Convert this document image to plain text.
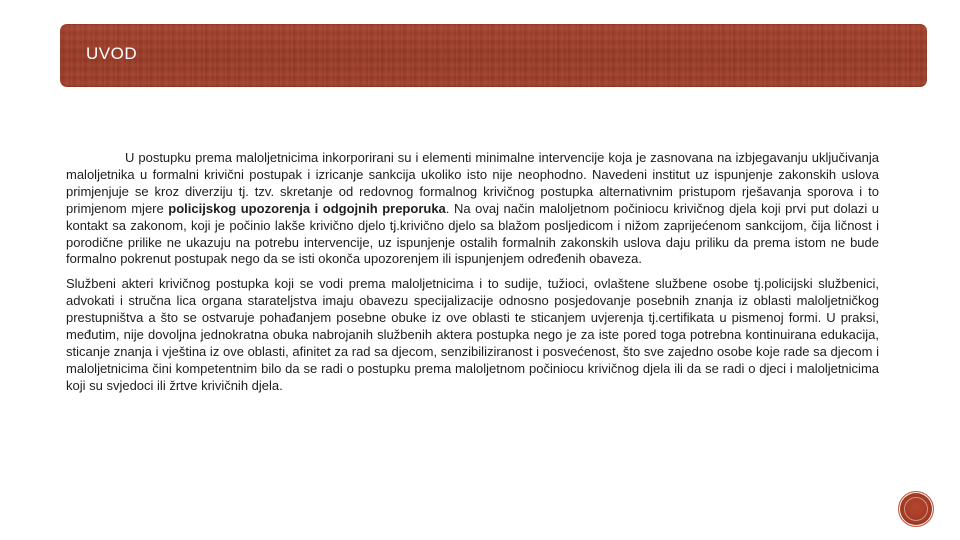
UVOD

U postupku prema maloljetnicima inkorporirani su i elementi minimalne intervencije koja je zasnovana na izbjegavanju uključivanja maloljetnika u formalni krivični postupak i izricanje sankcija ukoliko isto nije neophodno. Navedeni institut uz ispunjenje zakonskih uslova primjenjuje se kroz diverziju tj. tzv. skretanje od redovnog formalnog krivičnog postupka alternativnim pristupom rješavanja sporova i to primjenom mjere policijskog upozorenja i odgojnih preporuka. Na ovaj način maloljetnom počiniocu krivičnog djela koji prvi put dolazi u kontakt sa zakonom, koji je počinio lakše krivično djelo tj.krivično djelo sa blažom posljedicom i nižom zaprijećenom sankcijom, čija ličnost i porodične prilike ne ukazuju na potrebu intervencije, uz ispunjenje ostalih formalnih zakonskih uslova daju priliku da prema istom ne bude formalno pokrenut postupak nego da se isti okonča upozorenjem ili ispunjenjem određenih obaveza.

Službeni akteri krivičnog postupka koji se vodi prema maloljetnicima i to sudije, tužioci, ovlaštene službene osobe tj.policijski službenici, advokati i stručna lica organa starateljstva imaju obavezu specijalizacije odnosno posjedovanje posebnih znanja iz oblasti maloljetničkog prestupništva a što se ostvaruje pohađanjem posebne obuke iz ove oblasti te sticanjem uvjerenja tj.certifikata u pismenoj formi. U praksi, međutim, nije dovoljna jednokratna obuka nabrojanih službenih aktera postupka nego je za iste pored toga potrebna kontinuirana edukacija, sticanje znanja i vještina iz ove oblasti, afinitet za rad sa djecom, senzibiliziranost i posvećenost, što sve zajedno osobe koje rade sa djecom i maloljetnicima čini kompetentnim bilo da se radi o postupku prema maloljetnom počiniocu krivičnog djela ili da se radi o djeci i maloljetnicima koji su svjedoci ili žrtve krivičnih djela.
